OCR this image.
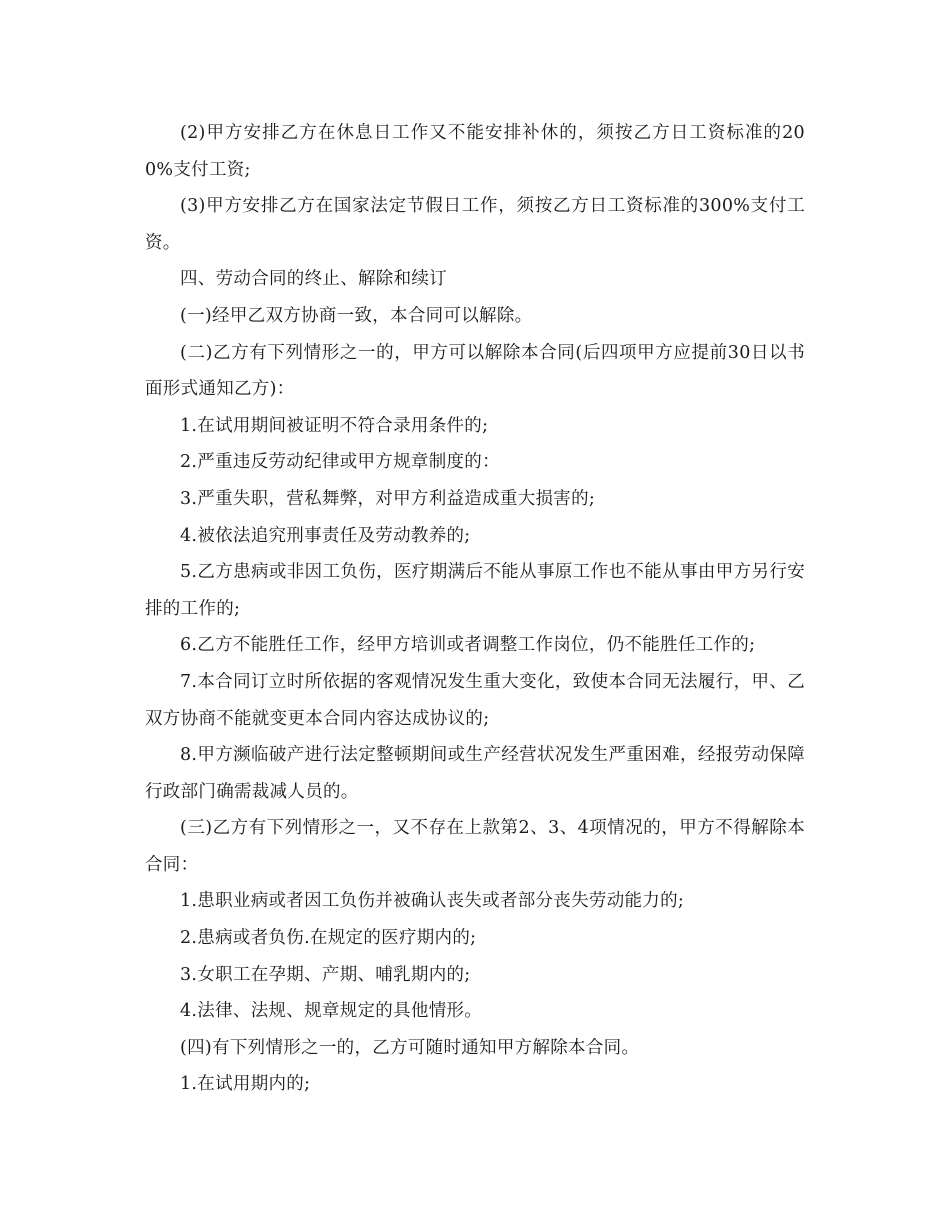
(2)甲方安排乙方在休息日工作又不能安排补休的，须按乙方日工资标准的200%支付工资;

(3)甲方安排乙方在国家法定节假日工作，须按乙方日工资标准的300%支付工资。

四、劳动合同的终止、解除和续订

(一)经甲乙双方协商一致，本合同可以解除。

(二)乙方有下列情形之一的，甲方可以解除本合同(后四项甲方应提前30日以书面形式通知乙方)：

1.在试用期间被证明不符合录用条件的;

2.严重违反劳动纪律或甲方规章制度的：

3.严重失职，营私舞弊，对甲方利益造成重大损害的;

4.被依法追究刑事责任及劳动教养的;

5.乙方患病或非因工负伤，医疗期满后不能从事原工作也不能从事由甲方另行安排的工作的;

6.乙方不能胜任工作，经甲方培训或者调整工作岗位，仍不能胜任工作的;

7.本合同订立时所依据的客观情况发生重大变化，致使本合同无法履行，甲、乙双方协商不能就变更本合同内容达成协议的;

8.甲方濒临破产进行法定整顿期间或生产经营状况发生严重困难，经报劳动保障行政部门确需裁减人员的。

(三)乙方有下列情形之一，又不存在上款第2、3、4项情况的，甲方不得解除本合同：

1.患职业病或者因工负伤并被确认丧失或者部分丧失劳动能力的;

2.患病或者负伤.在规定的医疗期内的;

3.女职工在孕期、产期、哺乳期内的;

4.法律、法规、规章规定的具他情形。

(四)有下列情形之一的，乙方可随时通知甲方解除本合同。

1.在试用期内的;
